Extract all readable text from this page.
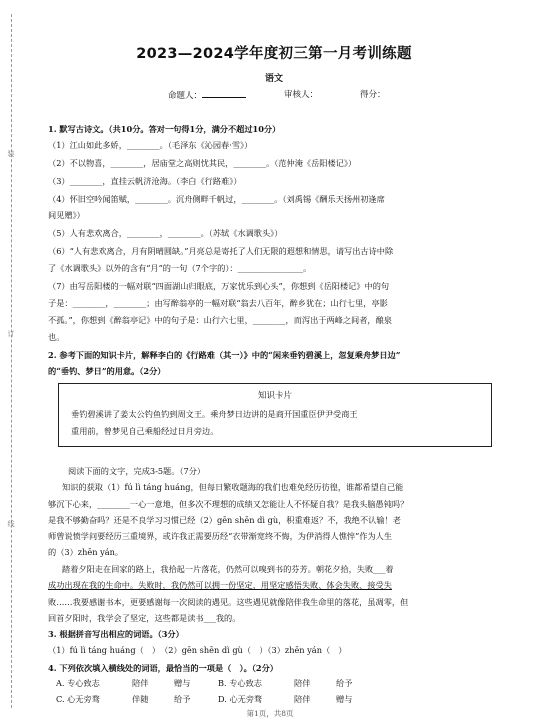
装
订
线
2023—2024学年度初三第一月考训练题
语文
命题人：	审核人：	得分：
1. 默写古诗文。（共10分。答对一句得1分，满分不超过10分）
（1）江山如此多娇，________。（毛泽东《沁园春·雪》）
（2）不以物喜，________，居庙堂之高则忧其民，________。（范仲淹《岳阳楼记》）
（3）________，直挂云帆济沧海。（李白《行路难》）
（4）怀旧空吟闻笛赋，________。沉舟侧畔千帆过，________。（刘禹锡《酬乐天扬州初逢席
间见赠》）
（5）人有悲欢离合，________，________。（苏轼《水调歌头》）
（6）“人有悲欢离合，月有阴晴圆缺。”月亮总是寄托了人们无限的遐想和情思，请写出古诗中除
了《水调歌头》以外的含有“月”的一句（7个字的）：________________。
（7）由写岳阳楼的一幅对联“四面湖山归眼底，万家忧乐到心头”，你想到《岳阳楼记》中的句
子是：________，________；由写醉翁亭的一幅对联“翁去八百年，醉乡犹在；山行七里，亭影
不孤。”，你想到《醉翁亭记》中的句子是：山行六七里，________，而泻出于两峰之间者，酿泉
也。
2. 参考下面的知识卡片，解释李白的《行路难（其一）》中的“闲来垂钓碧溪上，忽复乘舟梦日边”
的“垂钓、梦日”的用意。（2分）
知识卡片
垂钓碧溪讲了姜太公钓鱼钓到周文王。乘舟梦日边讲的是商开国重臣伊尹受商王
重用前，曾梦见自己乘船经过日月旁边。
阅读下面的文字，完成3-5题。（7分）
知识的获取（1）fú lì táng huáng，但每日繁收题海的我们也难免经历彷徨，谁都希望自己能
够沉下心来，________一心一意地，但多次不理想的成绩又怎能让人不怀疑自我？是我头脑愚钝吗？
是我不够勤奋吗？还是不良学习习惯已经（2）gēn shēn dì gù，积重难返？不，我绝不认输！老
师曾说愤学问要经历三重境界，或许我正需要历经“衣带渐宽终不悔，为伊消得人憔悴”作为人生
的（3）zhēn yán。
踏着夕阳走在回家的路上，我拾起一片落花，仍然可以嗅到书的芬芳。朝花夕拾，失败___着
成功出现在我的生命中。失败时，我仍然可以拥一份坚定，用坚定感悟失败、体会失败、接受失
败……我要感谢书本，更要感谢每一次阅读的遇见。这些遇见就像陪伴我生命里的落花，虽凋零，但
回首夕阳时，我学会了坚定，这些都是读书___我的。
3. 根据拼音写出相应的词语。（3分）
（1）fú lì táng huáng（　）　（2）gēn shēn dì gù（　）（3）zhēn yán（　）
4. 下列依次填入横线处的词语，最恰当的一项是（　）。（2分）
A. 专心致志	陪伴	赠与	B. 专心致志	陪伴	给予
C. 心无旁骛	伴随	给予	D. 心无旁骛	陪伴	赠与
第1页，共8页
